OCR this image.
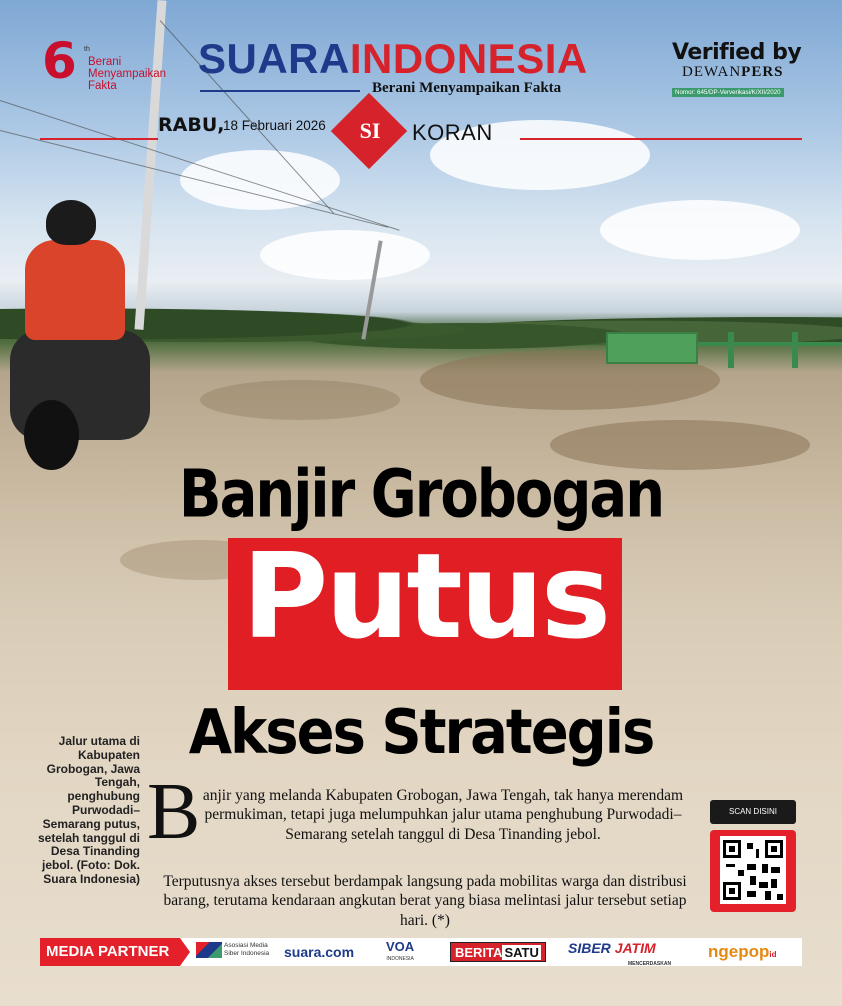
6 th
Berani Menyampaikan Fakta
SUARAINDONESIA
Berani Menyampaikan Fakta
Verified by
DEWANPERS
Nomor: 645/DP-Ververikasi/K/XII/2020
RABU,
18 Februari 2026	SI	KORAN
Banjir Grobogan
Putus
Akses Strategis
Jalur utama di Kabupaten Grobogan, Jawa Tengah, penghubung Purwodadi–Semarang putus, setelah tanggul di Desa Tinanding jebol. (Foto: Dok. Suara Indonesia)
B anjir yang melanda Kabupaten Grobogan, Jawa Tengah, tak hanya merendam permukiman, tetapi juga melumpuhkan jalur utama penghubung Purwodadi–Semarang setelah tanggul di Desa Tinanding jebol.

Terputusnya akses tersebut berdampak langsung pada mobilitas warga dan distribusi barang, terutama kendaraan angkutan berat yang biasa melintasi jalur tersebut setiap hari. (*)

SCAN DISINI
MEDIA PARTNER	Asosiasi Media Siber Indonesia	suara.com VOA
INDONESIA	BERITA SATU	SIBER JATIM
MENCERDASKAN
ngepopid
